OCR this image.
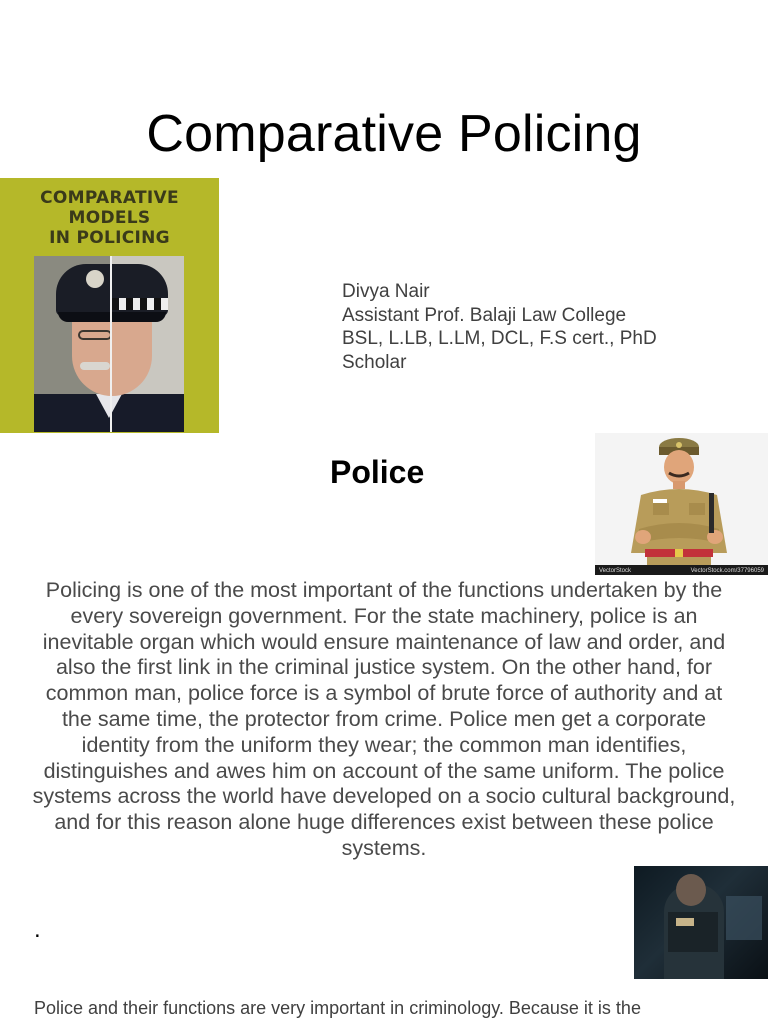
Comparative Policing
COMPARATIVE
MODELS
IN POLICING
Divya Nair
Assistant Prof. Balaji Law College
BSL, L.LB, L.LM, DCL, F.S cert., PhD
Scholar
Police
VectorStock	VectorStock.com/37796059

Policing is one of the most important of the functions undertaken by the every sovereign government. For the state machinery, police is an inevitable organ which would ensure maintenance of law and order, and also the first link in the criminal justice system. On the other hand, for common man, police force is a symbol of brute force of authority and at the same time, the protector from crime. Police men get a corporate identity from the uniform they wear; the common man identifies, distinguishes and awes him on account of the same uniform. The police systems across the world have developed on a socio cultural background, and for this reason alone huge differences exist between these police systems.

.

Police and their functions are very important in criminology. Because it is the
